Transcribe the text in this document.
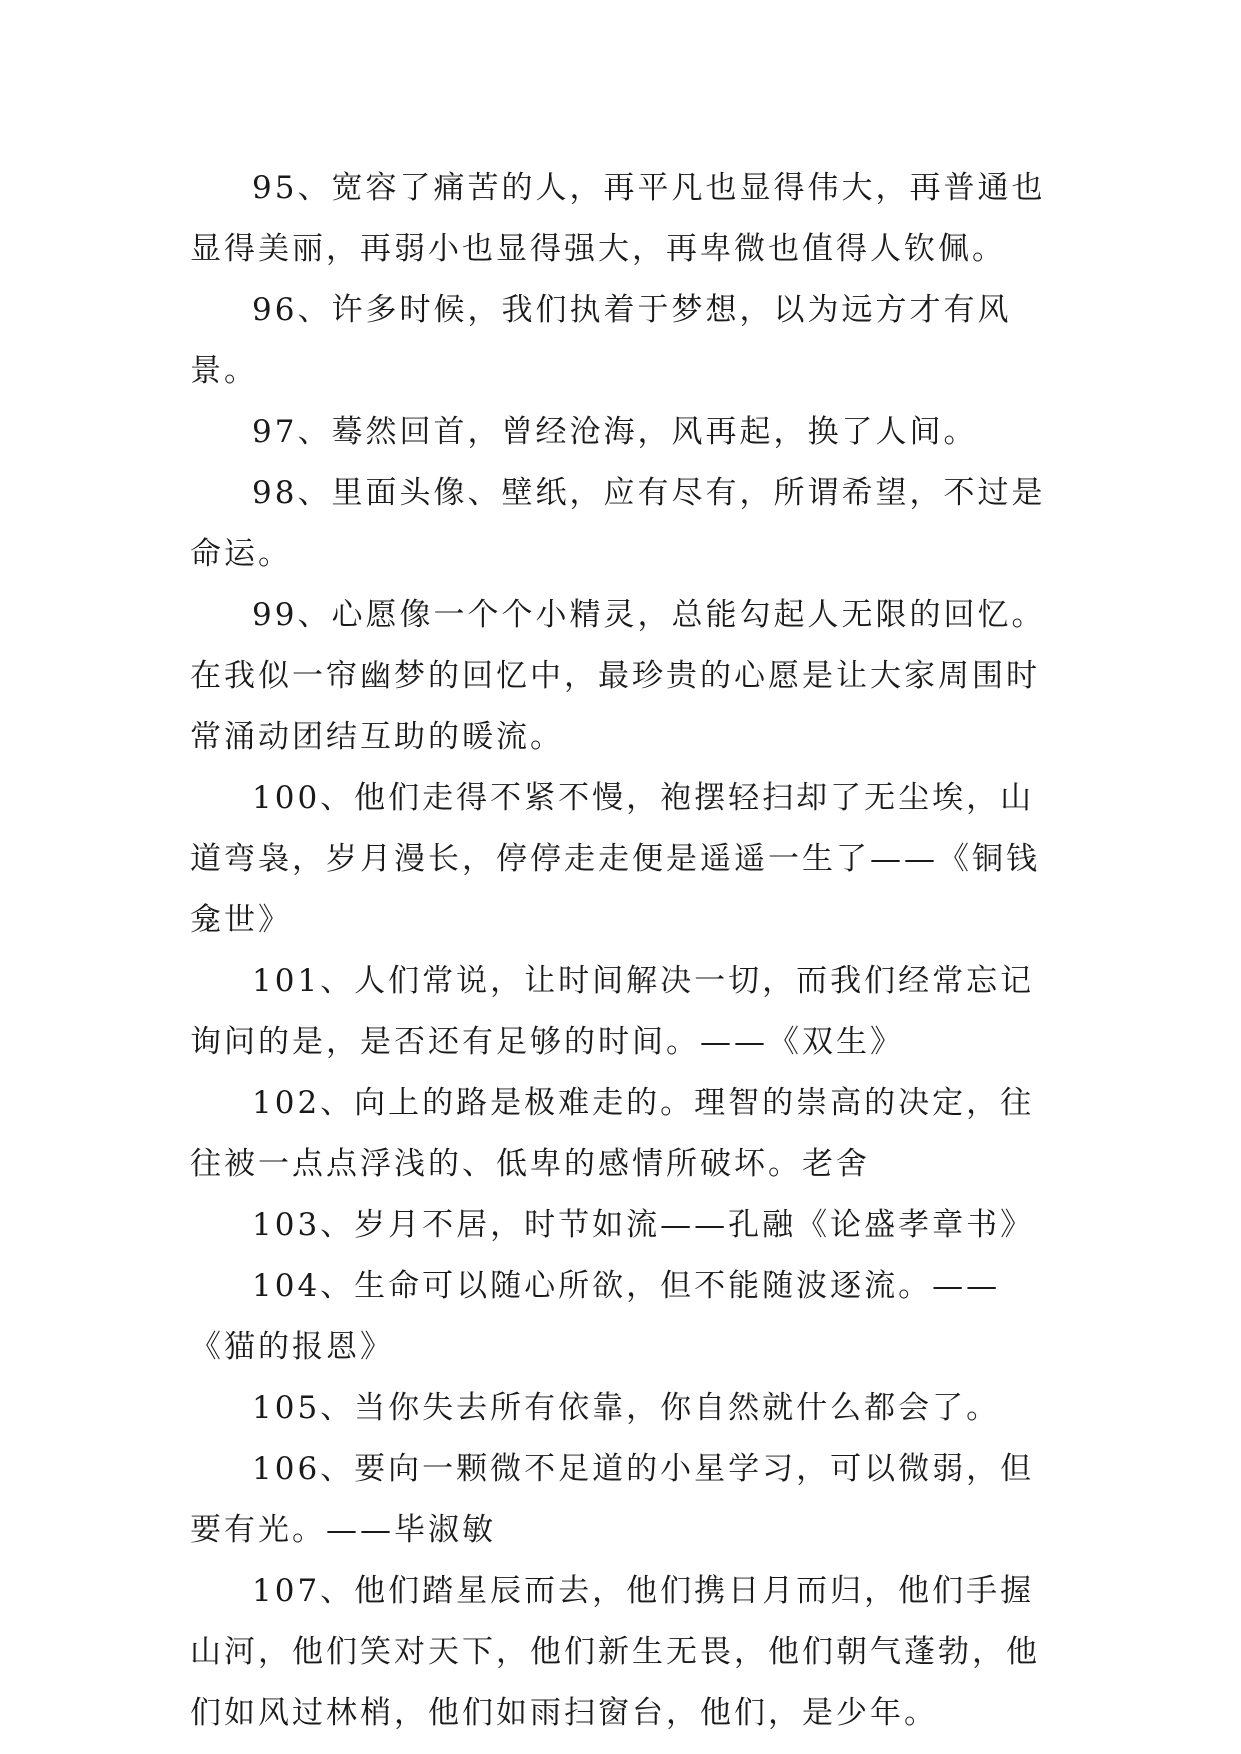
95、宽容了痛苦的人，再平凡也显得伟大，再普通也显得美丽，再弱小也显得强大，再卑微也值得人钦佩。

96、许多时候，我们执着于梦想，以为远方才有风景。

97、蓦然回首，曾经沧海，风再起，换了人间。

98、里面头像、壁纸，应有尽有，所谓希望，不过是命运。

99、心愿像一个个小精灵，总能勾起人无限的回忆。在我似一帘幽梦的回忆中，最珍贵的心愿是让大家周围时常涌动团结互助的暖流。

100、他们走得不紧不慢，袍摆轻扫却了无尘埃，山道弯袅，岁月漫长，停停走走便是遥遥一生了——《铜钱龛世》

101、人们常说，让时间解决一切，而我们经常忘记询问的是，是否还有足够的时间。——《双生》

102、向上的路是极难走的。理智的崇高的决定，往往被一点点浮浅的、低卑的感情所破坏。老舍

103、岁月不居，时节如流——孔融《论盛孝章书》

104、生命可以随心所欲，但不能随波逐流。——《猫的报恩》

105、当你失去所有依靠，你自然就什么都会了。

106、要向一颗微不足道的小星学习，可以微弱，但要有光。——毕淑敏

107、他们踏星辰而去，他们携日月而归，他们手握山河，他们笑对天下，他们新生无畏，他们朝气蓬勃，他们如风过林梢，他们如雨扫窗台，他们，是少年。
